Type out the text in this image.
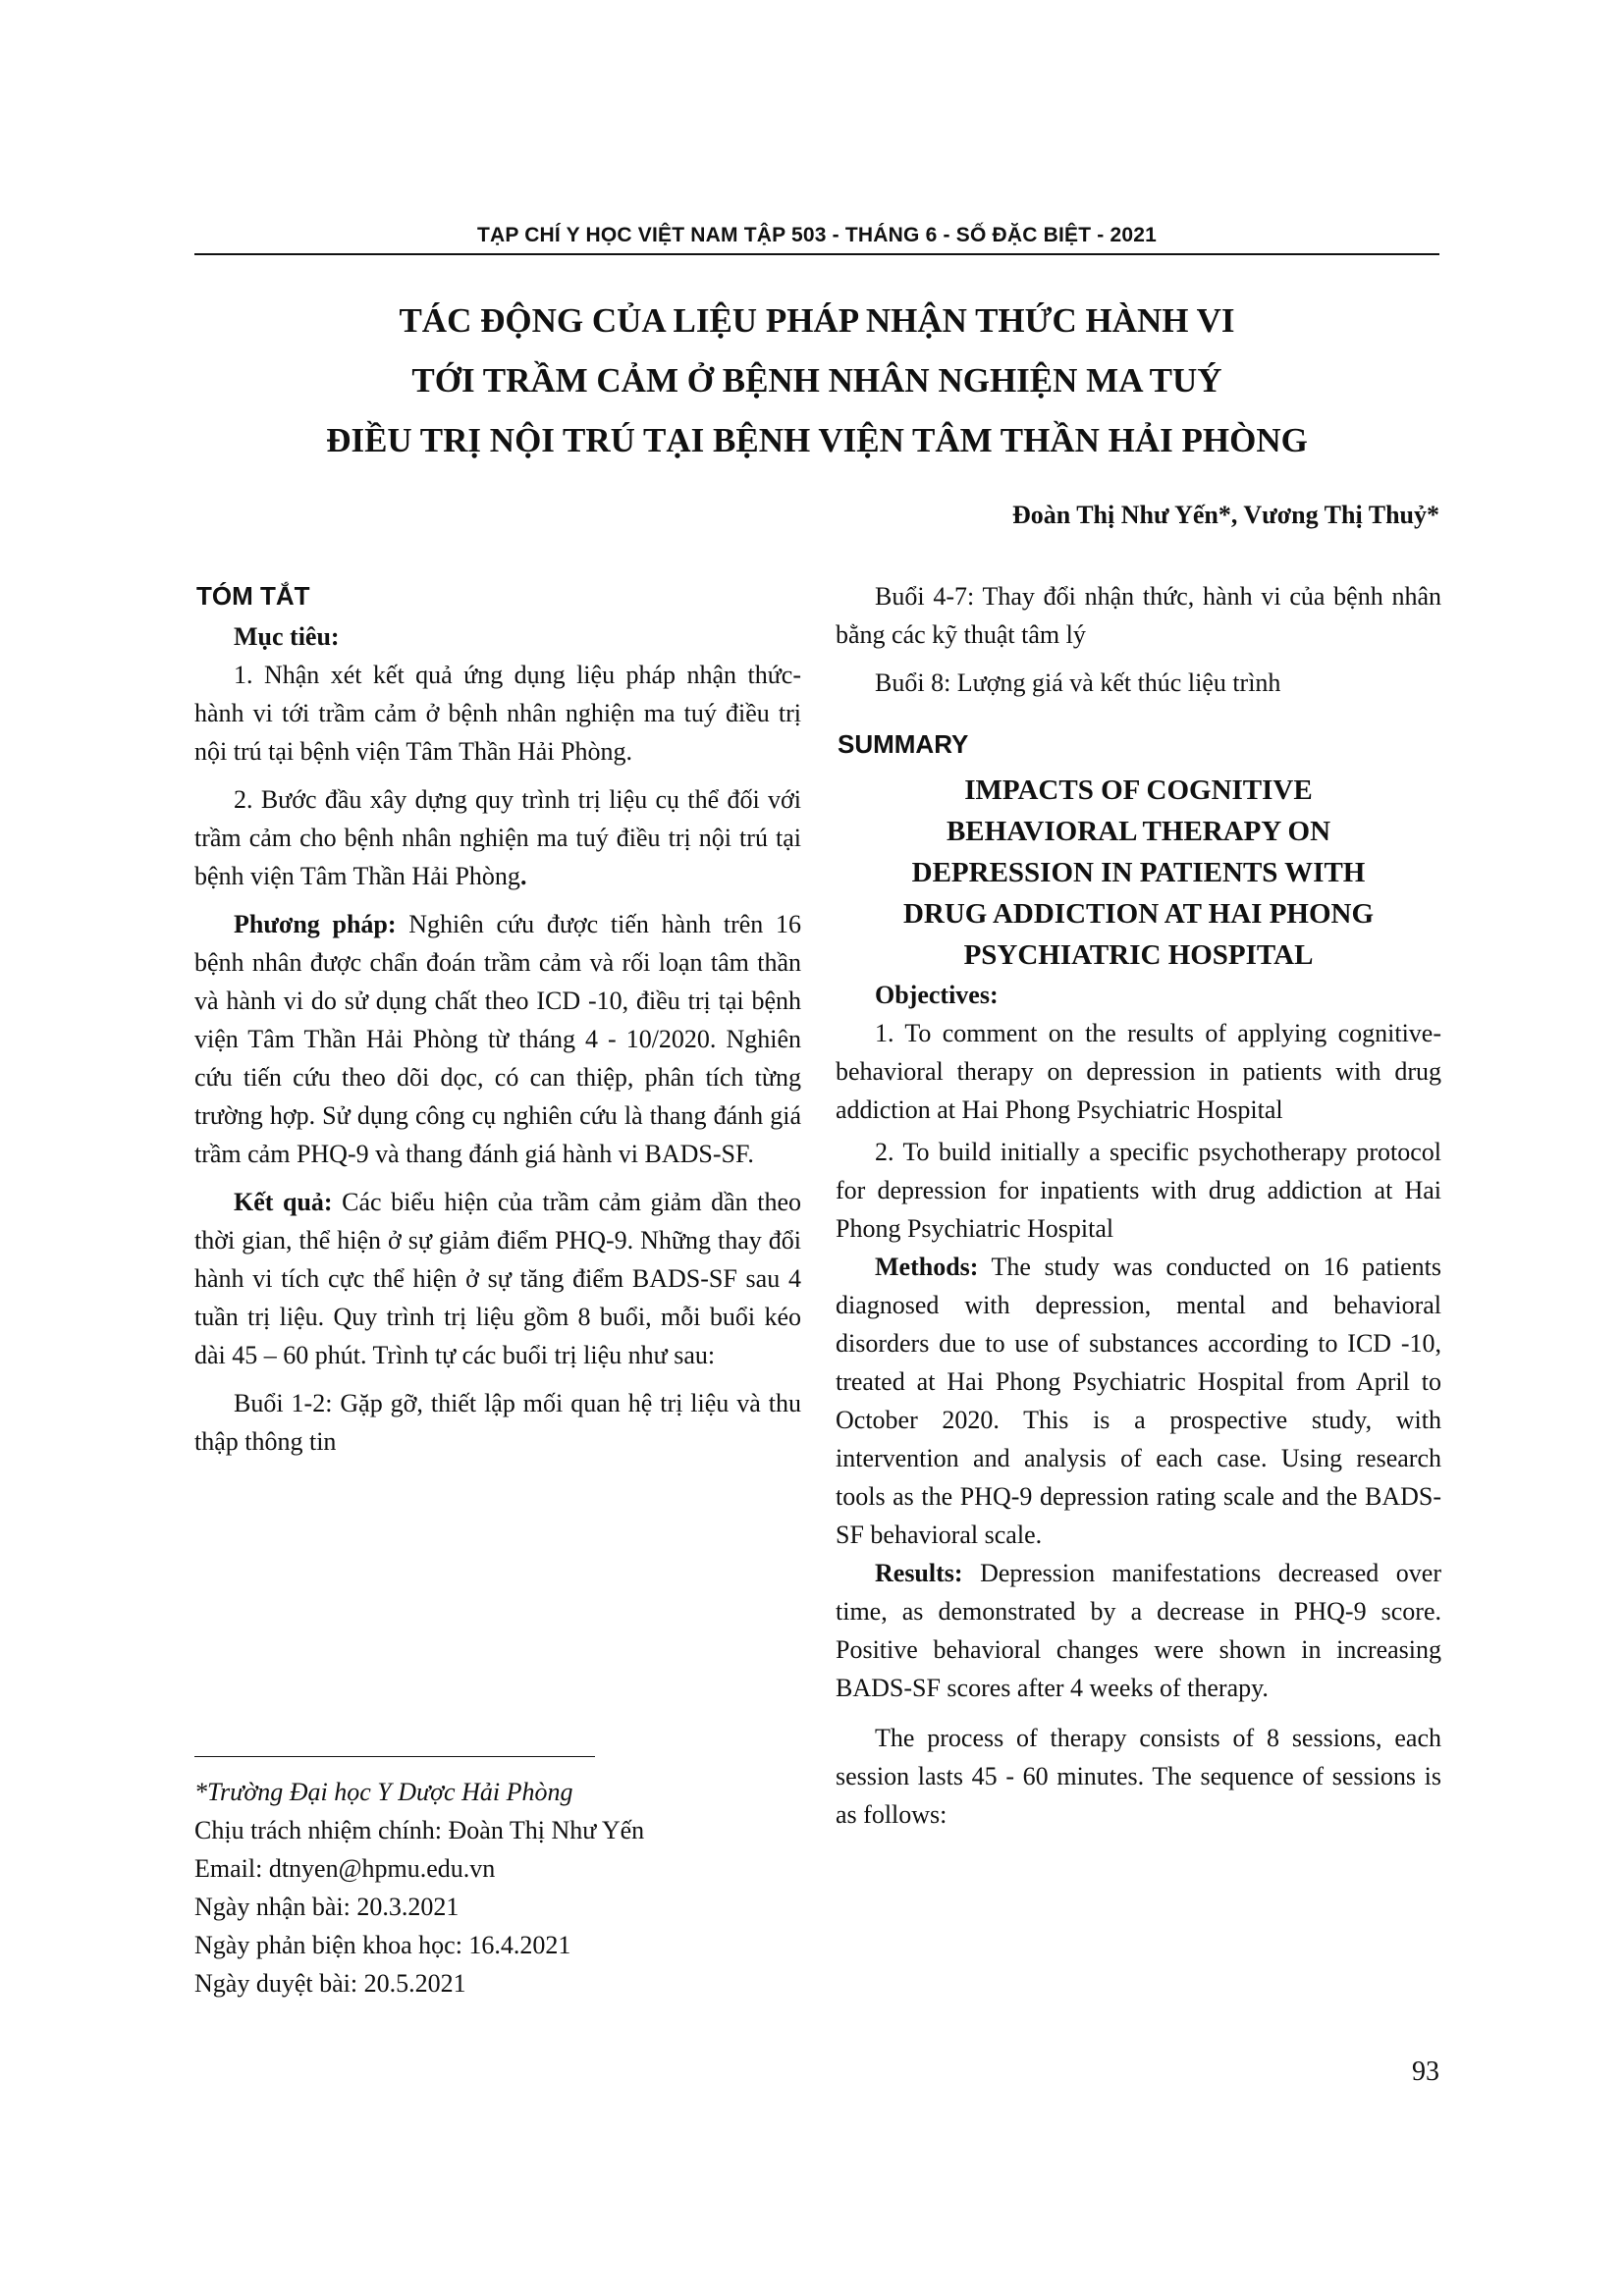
TẠP CHÍ Y HỌC VIỆT NAM TẬP 503 - THÁNG 6 - SỐ ĐẶC BIỆT - 2021
TÁC ĐỘNG CỦA LIỆU PHÁP NHẬN THỨC HÀNH VI
TỚI TRẦM CẢM Ở BỆNH NHÂN NGHIỆN MA TUÝ
ĐIỀU TRỊ NỘI TRÚ TẠI BỆNH VIỆN TÂM THẦN HẢI PHÒNG
Đoàn Thị Như Yến*, Vương Thị Thuỷ*
TÓM TẮT

Mục tiêu:

1. Nhận xét kết quả ứng dụng liệu pháp nhận thức-hành vi tới trầm cảm ở bệnh nhân nghiện ma tuý điều trị nội trú tại bệnh viện Tâm Thần Hải Phòng.

2. Bước đầu xây dựng quy trình trị liệu cụ thể đối với trầm cảm cho bệnh nhân nghiện ma tuý điều trị nội trú tại bệnh viện Tâm Thần Hải Phòng.

Phương pháp: Nghiên cứu được tiến hành trên 16 bệnh nhân được chẩn đoán trầm cảm và rối loạn tâm thần và hành vi do sử dụng chất theo ICD -10, điều trị tại bệnh viện Tâm Thần Hải Phòng từ tháng 4 - 10/2020. Nghiên cứu tiến cứu theo dõi dọc, có can thiệp, phân tích từng trường hợp. Sử dụng công cụ nghiên cứu là thang đánh giá trầm cảm PHQ-9 và thang đánh giá hành vi BADS-SF.

Kết quả: Các biểu hiện của trầm cảm giảm dần theo thời gian, thể hiện ở sự giảm điểm PHQ-9. Những thay đổi hành vi tích cực thể hiện ở sự tăng điểm BADS-SF sau 4 tuần trị liệu. Quy trình trị liệu gồm 8 buổi, mỗi buổi kéo dài 45 – 60 phút. Trình tự các buổi trị liệu như sau:

Buổi 1-2: Gặp gỡ, thiết lập mối quan hệ trị liệu và thu thập thông tin

*Trường Đại học Y Dược Hải Phòng
Chịu trách nhiệm chính: Đoàn Thị Như Yến
Email: dtnyen@hpmu.edu.vn
Ngày nhận bài: 20.3.2021
Ngày phản biện khoa học: 16.4.2021
Ngày duyệt bài: 20.5.2021

Buổi 4-7: Thay đổi nhận thức, hành vi của bệnh nhân bằng các kỹ thuật tâm lý

Buổi 8: Lượng giá và kết thúc liệu trình

SUMMARY
IMPACTS OF COGNITIVE
BEHAVIORAL THERAPY ON
DEPRESSION IN PATIENTS WITH
DRUG ADDICTION AT HAI PHONG
PSYCHIATRIC HOSPITAL

Objectives:

1. To comment on the results of applying cognitive-behavioral therapy on depression in patients with drug addiction at Hai Phong Psychiatric Hospital

2. To build initially a specific psychotherapy protocol for depression for inpatients with drug addiction at Hai Phong Psychiatric Hospital

Methods: The study was conducted on 16 patients diagnosed with depression, mental and behavioral disorders due to use of substances according to ICD -10, treated at Hai Phong Psychiatric Hospital from April to October 2020. This is a prospective study, with intervention and analysis of each case. Using research tools as the PHQ-9 depression rating scale and the BADS-SF behavioral scale.

Results: Depression manifestations decreased over time, as demonstrated by a decrease in PHQ-9 score. Positive behavioral changes were shown in increasing BADS-SF scores after 4 weeks of therapy.

The process of therapy consists of 8 sessions, each session lasts 45 - 60 minutes. The sequence of sessions is as follows:

93
